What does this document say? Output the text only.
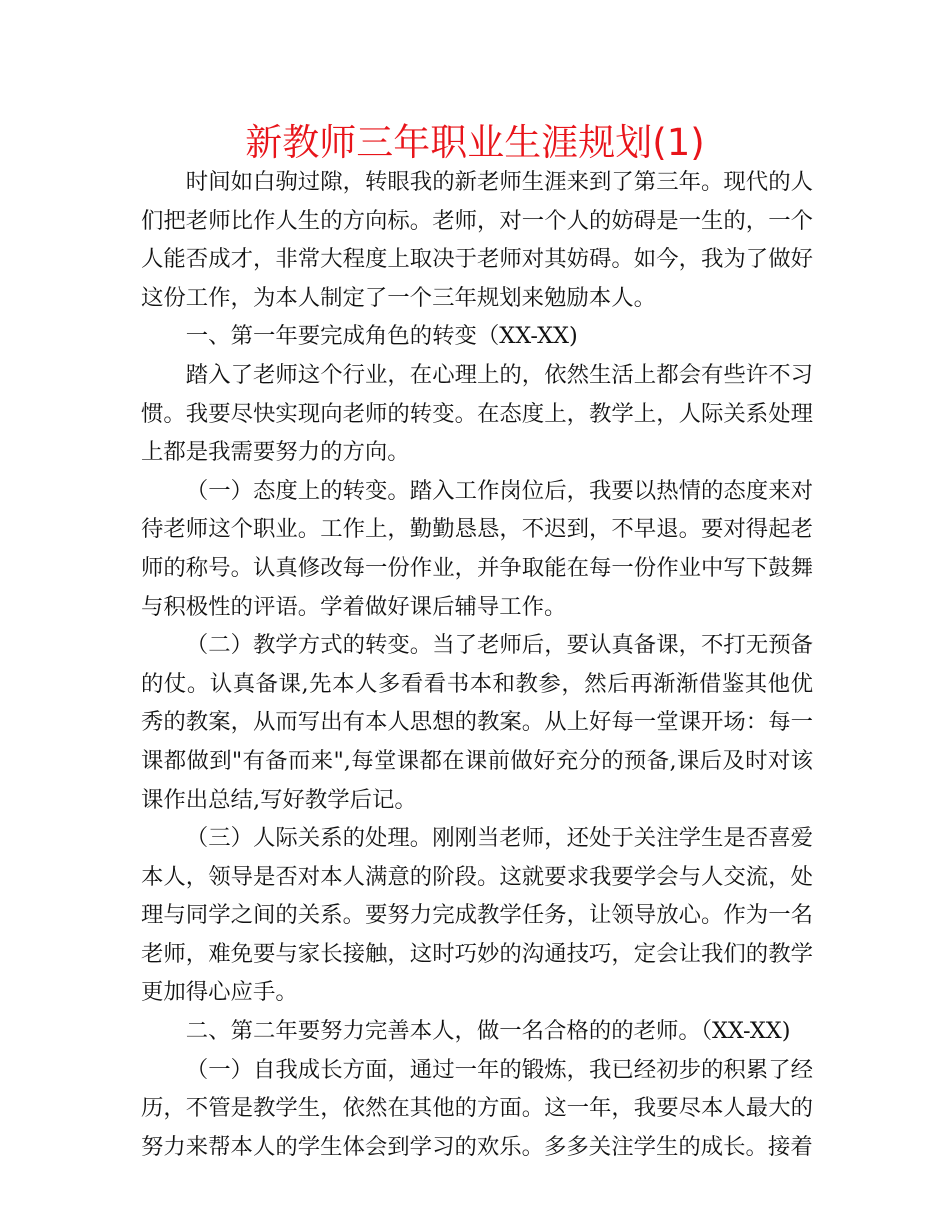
新教师三年职业生涯规划(1)

时间如白驹过隙，转眼我的新老师生涯来到了第三年。现代的人们把老师比作人生的方向标。老师，对一个人的妨碍是一生的，一个人能否成才，非常大程度上取决于老师对其妨碍。如今，我为了做好这份工作，为本人制定了一个三年规划来勉励本人。

一、第一年要完成角色的转变（XX-XX)

踏入了老师这个行业，在心理上的，依然生活上都会有些许不习惯。我要尽快实现向老师的转变。在态度上，教学上，人际关系处理上都是我需要努力的方向。

（一）态度上的转变。踏入工作岗位后，我要以热情的态度来对待老师这个职业。工作上，勤勤恳恳，不迟到，不早退。要对得起老师的称号。认真修改每一份作业，并争取能在每一份作业中写下鼓舞与积极性的评语。学着做好课后辅导工作。

（二）教学方式的转变。当了老师后，要认真备课，不打无预备的仗。认真备课,先本人多看看书本和教参，然后再渐渐借鉴其他优秀的教案，从而写出有本人思想的教案。从上好每一堂课开场：每一课都做到"有备而来",每堂课都在课前做好充分的预备,课后及时对该课作出总结,写好教学后记。

（三）人际关系的处理。刚刚当老师，还处于关注学生是否喜爱本人，领导是否对本人满意的阶段。这就要求我要学会与人交流，处理与同学之间的关系。要努力完成教学任务，让领导放心。作为一名老师，难免要与家长接触，这时巧妙的沟通技巧，定会让我们的教学更加得心应手。

二、第二年要努力完善本人，做一名合格的的老师。（XX-XX)

（一）自我成长方面，通过一年的锻炼，我已经初步的积累了经历，不管是教学生，依然在其他的方面。这一年，我要尽本人最大的努力来帮本人的学生体会到学习的欢乐。多多关注学生的成长。接着
